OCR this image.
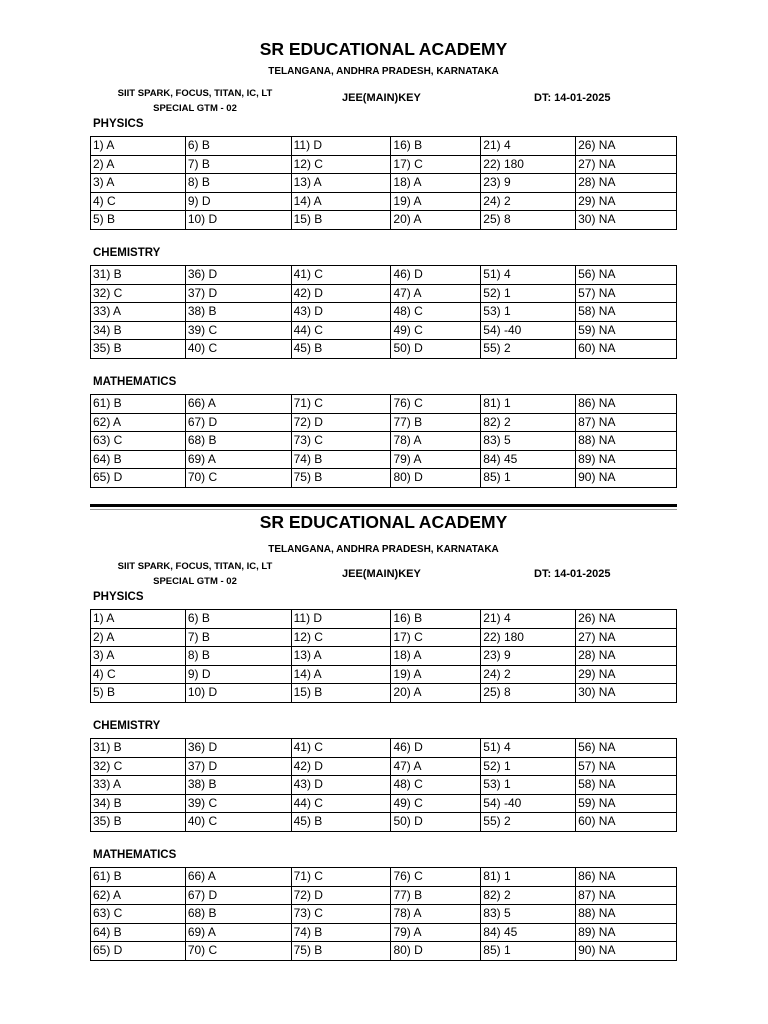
SR EDUCATIONAL ACADEMY
TELANGANA, ANDHRA PRADESH, KARNATAKA
SIIT SPARK, FOCUS, TITAN, IC, LT
SPECIAL GTM - 02
JEE(MAIN)KEY	DT: 14-01-2025
PHYSICS
1) A	6) B	11) D	16) B	21) 4	26) NA
2) A	7) B	12) C	17) C	22) 180	27) NA
3) A	8) B	13) A	18) A	23) 9	28) NA
4) C	9) D	14) A	19) A	24) 2	29) NA
5) B	10) D	15) B	20) A	25) 8	30) NA
CHEMISTRY
31) B	36) D	41) C	46) D	51) 4	56) NA
32) C	37) D	42) D	47) A	52) 1	57) NA
33) A	38) B	43) D	48) C	53) 1	58) NA
34) B	39) C	44) C	49) C	54) -40	59) NA
35) B	40) C	45) B	50) D	55) 2	60) NA
MATHEMATICS
61) B	66) A	71) C	76) C	81) 1	86) NA
62) A	67) D	72) D	77) B	82) 2	87) NA
63) C	68) B	73) C	78) A	83) 5	88) NA
64) B	69) A	74) B	79) A	84) 45	89) NA
65) D	70) C	75) B	80) D	85) 1	90) NA
SR EDUCATIONAL ACADEMY
TELANGANA, ANDHRA PRADESH, KARNATAKA
SIIT SPARK, FOCUS, TITAN, IC, LT
SPECIAL GTM - 02
JEE(MAIN)KEY	DT: 14-01-2025
PHYSICS
1) A	6) B	11) D	16) B	21) 4	26) NA
2) A	7) B	12) C	17) C	22) 180	27) NA
3) A	8) B	13) A	18) A	23) 9	28) NA
4) C	9) D	14) A	19) A	24) 2	29) NA
5) B	10) D	15) B	20) A	25) 8	30) NA
CHEMISTRY
31) B	36) D	41) C	46) D	51) 4	56) NA
32) C	37) D	42) D	47) A	52) 1	57) NA
33) A	38) B	43) D	48) C	53) 1	58) NA
34) B	39) C	44) C	49) C	54) -40	59) NA
35) B	40) C	45) B	50) D	55) 2	60) NA
MATHEMATICS
61) B	66) A	71) C	76) C	81) 1	86) NA
62) A	67) D	72) D	77) B	82) 2	87) NA
63) C	68) B	73) C	78) A	83) 5	88) NA
64) B	69) A	74) B	79) A	84) 45	89) NA
65) D	70) C	75) B	80) D	85) 1	90) NA
